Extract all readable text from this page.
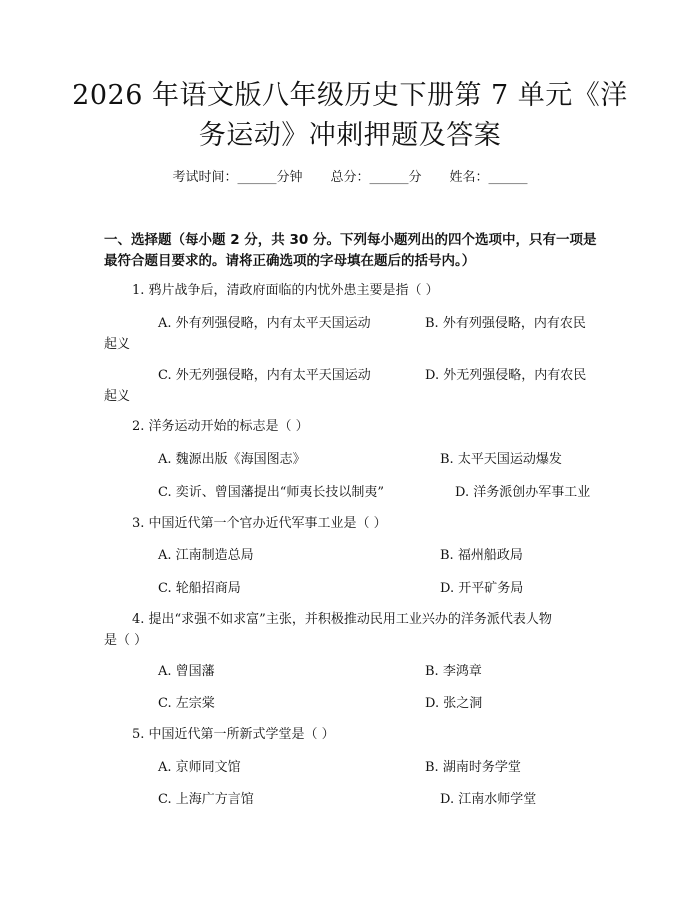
2026 年语文版八年级历史下册第 7 单元《洋
务运动》冲刺押题及答案
考试时间：______分钟 总分：______分 姓名：______
一、选择题（每小题 2 分，共 30 分。下列每小题列出的四个选项中，只有一项是
最符合题目要求的。请将正确选项的字母填在题后的括号内。）
1. 鸦片战争后，清政府面临的内忧外患主要是指（ ）
A. 外有列强侵略，内有太平天国运动	B. 外有列强侵略，内有农民
起义
C. 外无列强侵略，内有太平天国运动	D. 外无列强侵略，内有农民
起义
2. 洋务运动开始的标志是（ ）
A. 魏源出版《海国图志》	B. 太平天国运动爆发
C. 奕䜣、曾国藩提出“师夷长技以制夷”	D. 洋务派创办军事工业
3. 中国近代第一个官办近代军事工业是（ ）
A. 江南制造总局	B. 福州船政局
C. 轮船招商局	D. 开平矿务局
4. 提出“求强不如求富”主张，并积极推动民用工业兴办的洋务派代表人物
是（ ）
A. 曾国藩	B. 李鸿章
C. 左宗棠	D. 张之洞
5. 中国近代第一所新式学堂是（ ）
A. 京师同文馆	B. 湖南时务学堂
C. 上海广方言馆	D. 江南水师学堂
